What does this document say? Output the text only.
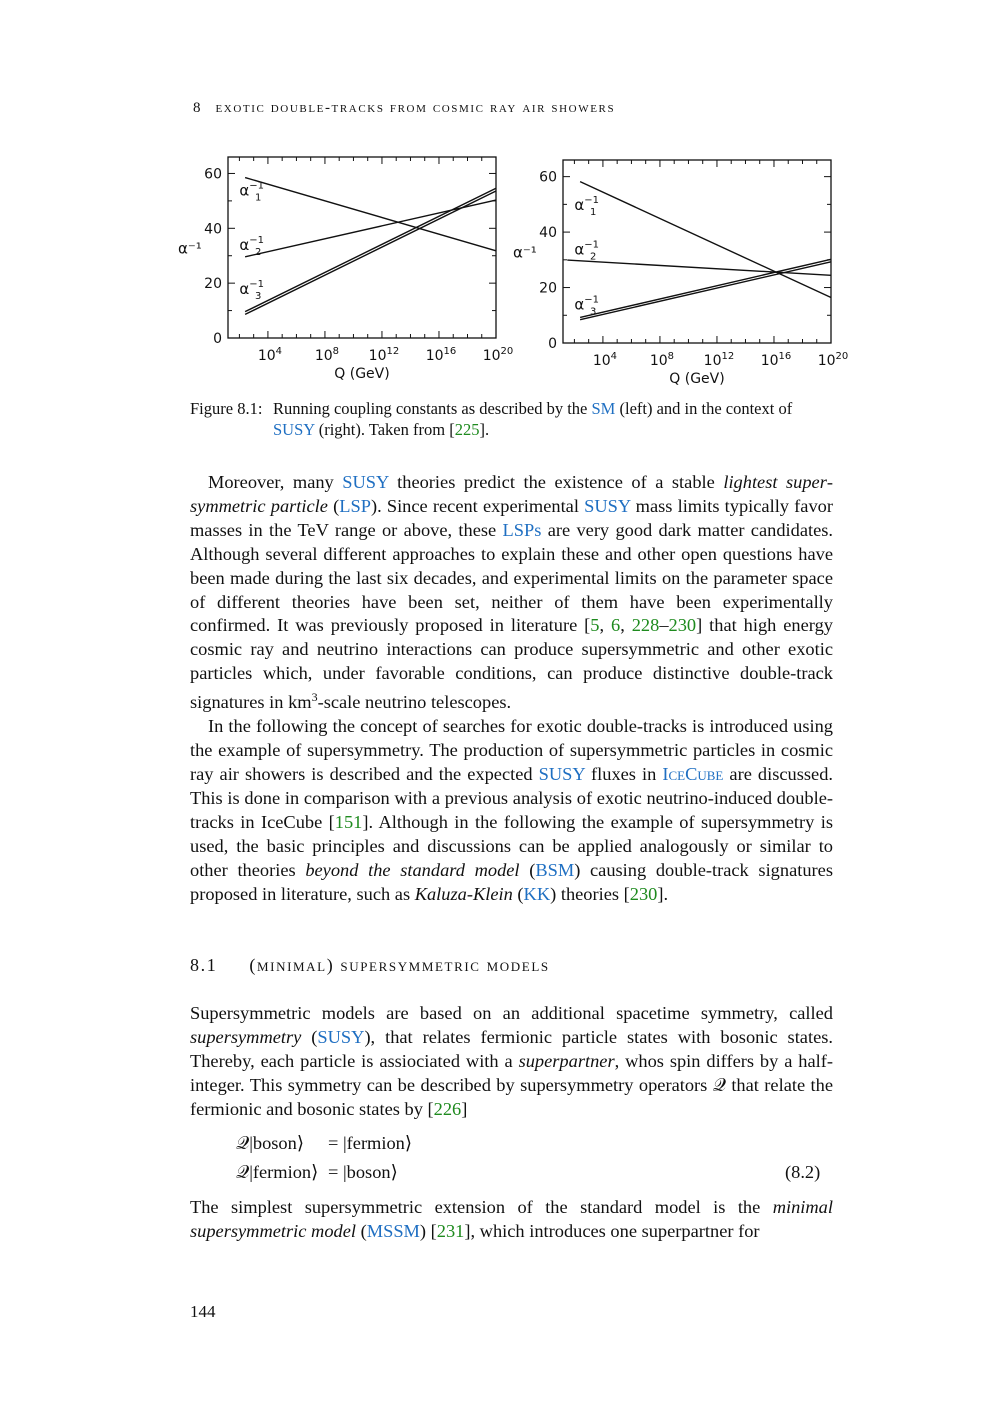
8 exotic double-tracks from cosmic ray air showers
$10^4$ $10^8$ $10^{12}$ $10^{16}$ $10^{20}$
0
20
40
60
Q (GeV)
α⁻¹
$\alpha^{-1}$ 1
$\alpha^{-1}$ 2
$\alpha^{-1}$ 3
$10^4$ $10^8$ $10^{12}$ $10^{16}$ $10^{20}$
0
20
40
60
Q (GeV)
α⁻¹
$\alpha^{-1}$ 1
$\alpha^{-1}$ 2
$\alpha^{-1}$ 3
Figure 8.1: Running coupling constants as described by the SM (left) and in the context of SUSY (right). Taken from [225].

Moreover, many SUSY theories predict the existence of a stable lightest supersymmetric particle (LSP). Since recent experimental SUSY mass limits typically favor masses in the TeV range or above, these LSPs are very good dark matter candidates. Although several different approaches to explain these and other open questions have been made during the last six decades, and experimental limits on the parameter space of different theories have been set, neither of them have been experimentally confirmed. It was previously proposed in literature [5, 6, 228–230] that high energy cosmic ray and neutrino interactions can produce supersymmetric and other exotic particles which, under favorable conditions, can produce distinctive double-track signatures in $km^3$-scale neutrino telescopes.

In the following the concept of searches for exotic double-tracks is introduced using the example of supersymmetry. The production of supersymmetric particles in cosmic ray air showers is described and the expected SUSY fluxes in IceCube are discussed. This is done in comparison with a previous analysis of exotic neutrino-induced double-tracks in IceCube [151]. Although in the following the example of supersymmetry is used, the basic principles and discussions can be applied analogously or similar to other theories beyond the standard model (BSM) causing double-track signatures proposed in literature, such as Kaluza-Klein (KK) theories [230].

8.1 (minimal) supersymmetric models

Supersymmetric models are based on an additional spacetime symmetry, called supersymmetry (SUSY), that relates fermionic particle states with bosonic states. Thereby, each particle is assiociated with a superpartner, whos spin differs by a half-integer. This symmetry can be described by supersymmetry operators 𝒬 that relate the fermionic and bosonic states by [226]

𝒬|boson⟩ = |fermion⟩
𝒬|fermion⟩ = |boson⟩	(8.2)

The simplest supersymmetric extension of the standard model is the minimal supersymmetric model (MSSM) [231], which introduces one superpartner for

144
